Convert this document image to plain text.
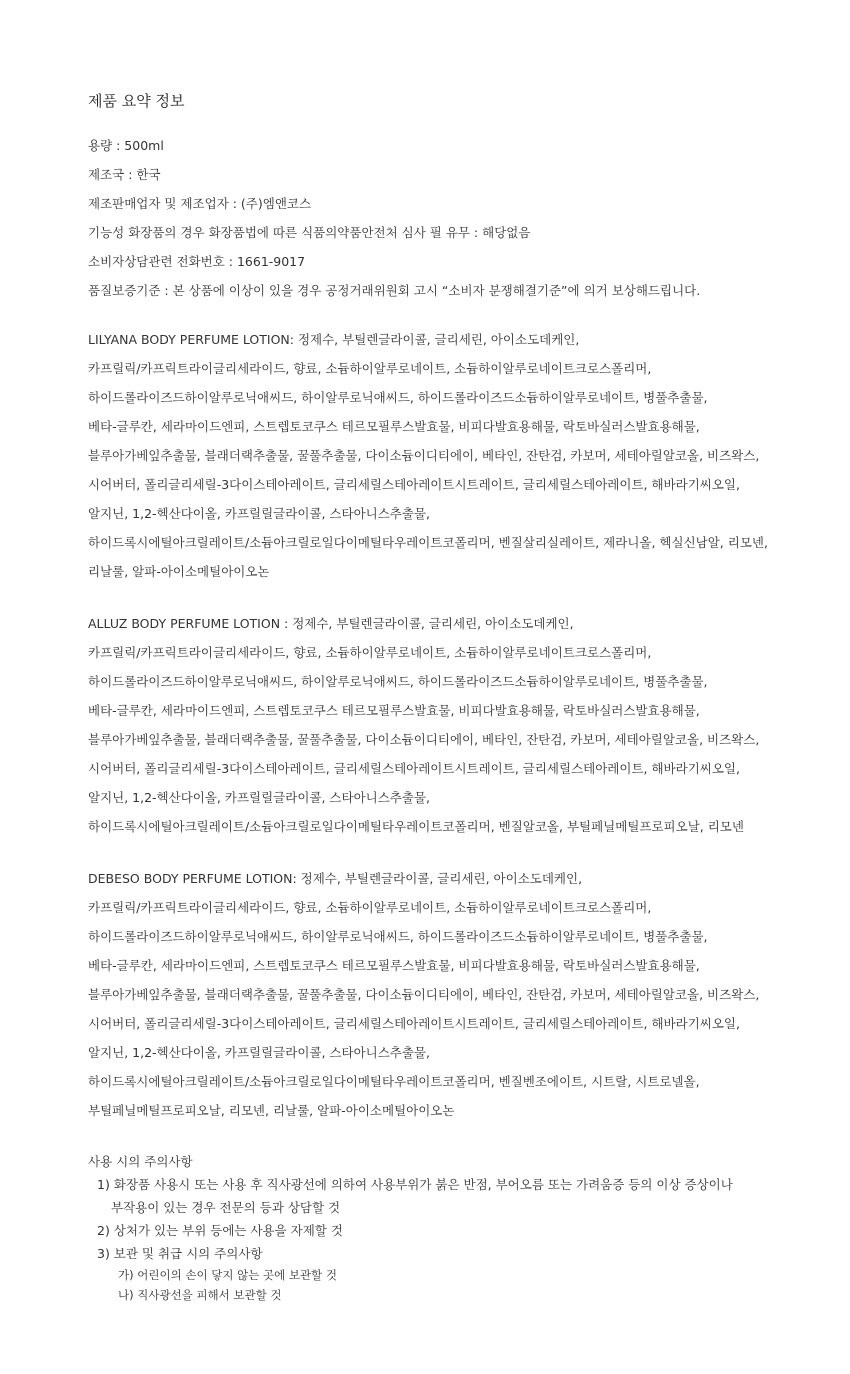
제품 요약 정보

용량 : 500ml

제조국 : 한국

제조판매업자 및 제조업자 : (주)엠앤코스

기능성 화장품의 경우 화장품법에 따른 식품의약품안전처 심사 필 유무 : 해당없음

소비자상담관련 전화번호 : 1661-9017

품질보증기준 : 본 상품에 이상이 있을 경우 공정거래위원회 고시 “소비자 분쟁해결기준”에 의거 보상해드립니다.

LILYANA BODY PERFUME LOTION: 정제수, 부틸렌글라이콜, 글리세린, 아이소도데케인,

카프릴릭/카프릭트라이글리세라이드, 향료, 소듐하이알루로네이트, 소듐하이알루로네이트크로스폴리머,

하이드롤라이즈드하이알루로닉애씨드, 하이알루로닉애씨드, 하이드롤라이즈드소듐하이알루로네이트, 병풀추출물,

베타-글루칸, 세라마이드엔피, 스트렙토코쿠스 테르모필루스발효물, 비피다발효용해물, 락토바실러스발효용해물,

블루아가베잎추출물, 블래더랙추출물, 꿀풀추출물, 다이소듐이디티에이, 베타인, 잔탄검, 카보머, 세테아릴알코올, 비즈왁스,

시어버터, 폴리글리세릴-3다이스테아레이트, 글리세릴스테아레이트시트레이트, 글리세릴스테아레이트, 해바라기씨오일,

알지닌, 1,2-헥산다이올, 카프릴릴글라이콜, 스타아니스추출물,

하이드록시에틸아크릴레이트/소듐아크릴로일다이메틸타우레이트코폴리머, 벤질살리실레이트, 제라니올, 헥실신남알, 리모넨,

리날룰, 알파-아이소메틸아이오논

ALLUZ BODY PERFUME LOTION : 정제수, 부틸렌글라이콜, 글리세린, 아이소도데케인,

카프릴릭/카프릭트라이글리세라이드, 향료, 소듐하이알루로네이트, 소듐하이알루로네이트크로스폴리머,

하이드롤라이즈드하이알루로닉애씨드, 하이알루로닉애씨드, 하이드롤라이즈드소듐하이알루로네이트, 병풀추출물,

베타-글루칸, 세라마이드엔피, 스트렙토코쿠스 테르모필루스발효물, 비피다발효용해물, 락토바실러스발효용해물,

블루아가베잎추출물, 블래더랙추출물, 꿀풀추출물, 다이소듐이디티에이, 베타인, 잔탄검, 카보머, 세테아릴알코올, 비즈왁스,

시어버터, 폴리글리세릴-3다이스테아레이트, 글리세릴스테아레이트시트레이트, 글리세릴스테아레이트, 해바라기씨오일,

알지닌, 1,2-헥산다이올, 카프릴릴글라이콜, 스타아니스추출물,

하이드록시에틸아크릴레이트/소듐아크릴로일다이메틸타우레이트코폴리머, 벤질알코올, 부틸페닐메틸프로피오날, 리모넨

DEBESO BODY PERFUME LOTION: 정제수, 부틸렌글라이콜, 글리세린, 아이소도데케인,

카프릴릭/카프릭트라이글리세라이드, 향료, 소듐하이알루로네이트, 소듐하이알루로네이트크로스폴리머,

하이드롤라이즈드하이알루로닉애씨드, 하이알루로닉애씨드, 하이드롤라이즈드소듐하이알루로네이트, 병풀추출물,

베타-글루칸, 세라마이드엔피, 스트렙토코쿠스 테르모필루스발효물, 비피다발효용해물, 락토바실러스발효용해물,

블루아가베잎추출물, 블래더랙추출물, 꿀풀추출물, 다이소듐이디티에이, 베타인, 잔탄검, 카보머, 세테아릴알코올, 비즈왁스,

시어버터, 폴리글리세릴-3다이스테아레이트, 글리세릴스테아레이트시트레이트, 글리세릴스테아레이트, 해바라기씨오일,

알지닌, 1,2-헥산다이올, 카프릴릴글라이콜, 스타아니스추출물,

하이드록시에틸아크릴레이트/소듐아크릴로일다이메틸타우레이트코폴리머, 벤질벤조에이트, 시트랄, 시트로넬올,

부틸페닐메틸프로피오날, 리모넨, 리날룰, 알파-아이소메틸아이오논

사용 시의 주의사항

1) 화장품 사용시 또는 사용 후 직사광선에 의하여 사용부위가 붉은 반점, 부어오름 또는 가려움증 등의 이상 증상이나

부작용이 있는 경우 전문의 등과 상담할 것

2) 상처가 있는 부위 등에는 사용을 자제할 것

3) 보관 및 취급 시의 주의사항

가) 어린이의 손이 닿지 않는 곳에 보관할 것

나) 직사광선을 피해서 보관할 것
